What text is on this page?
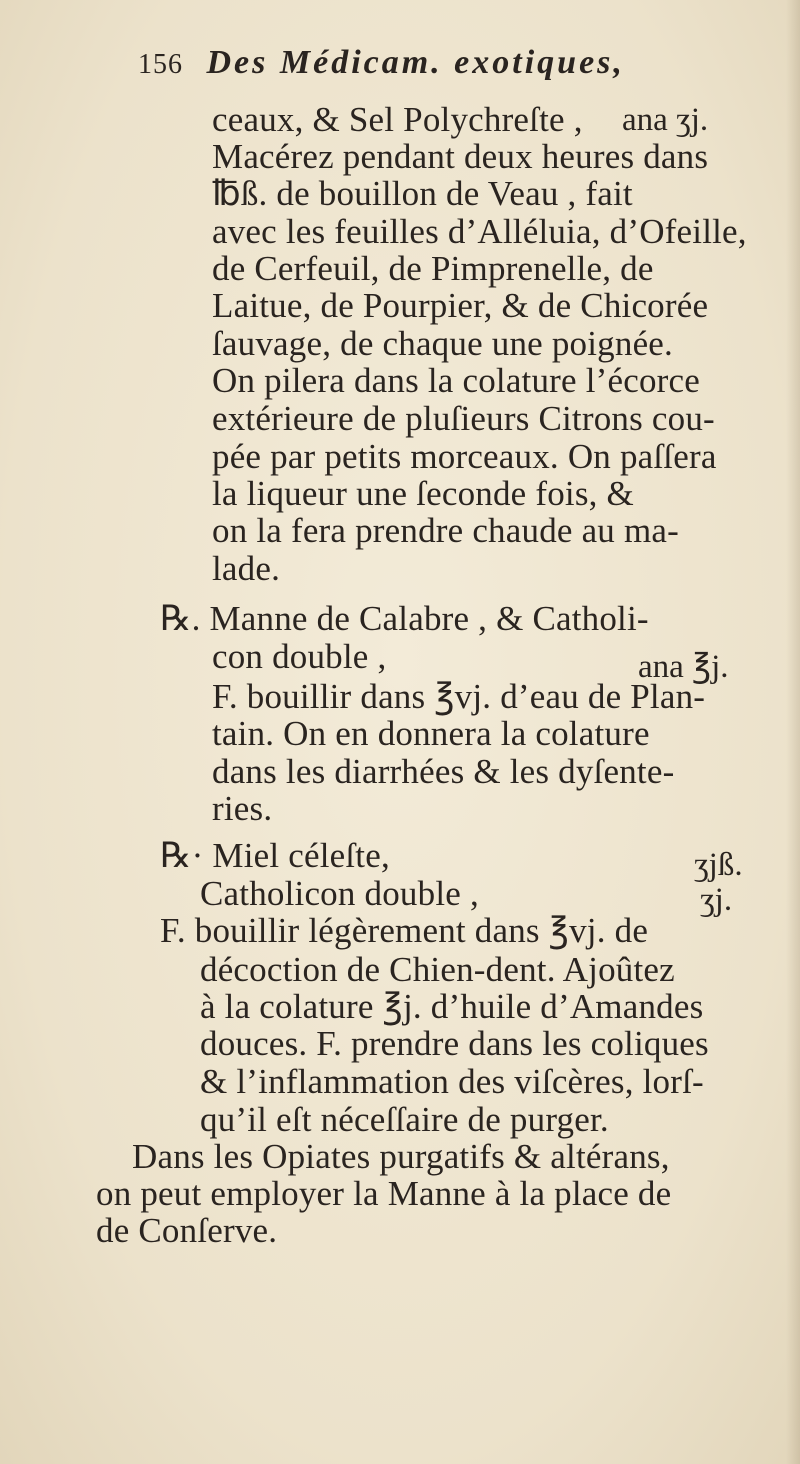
156 Des Médicam. exotiques,
ceaux, & Sel Polychreſte , ana ʒj.
Macérez pendant deux heures dans
℔ß. de bouillon de Veau , fait
avec les feuilles d’Alléluia, d’Ofeille,
de Cerfeuil, de Pimprenelle, de
Laitue, de Pourpier, & de Chicorée
ſauvage, de chaque une poignée.
On pilera dans la colature l’écorce
extérieure de pluſieurs Citrons cou-
pée par petits morceaux. On paſſera
la liqueur une ſeconde fois, &
on la fera prendre chaude au ma-
lade.
℞. Manne de Calabre , & Catholi-
con double ,	ana ℥j.
F. bouillir dans ℥vj. d’eau de Plan-
tain. On en donnera la colature
dans les diarrhées & les dyſente-
ries.
℞· Miel céleſte,	ʒjß.
Catholicon double ,	ʒj.
F. bouillir légèrement dans ℥vj. de
décoction de Chien-dent. Ajoûtez
à la colature ℥j. d’huile d’Amandes
douces. F. prendre dans les coliques
& l’inflammation des viſcères, lorſ-
qu’il eſt néceſſaire de purger.
Dans les Opiates purgatifs & altérans,
on peut employer la Manne à la place de
de Conſerve.
